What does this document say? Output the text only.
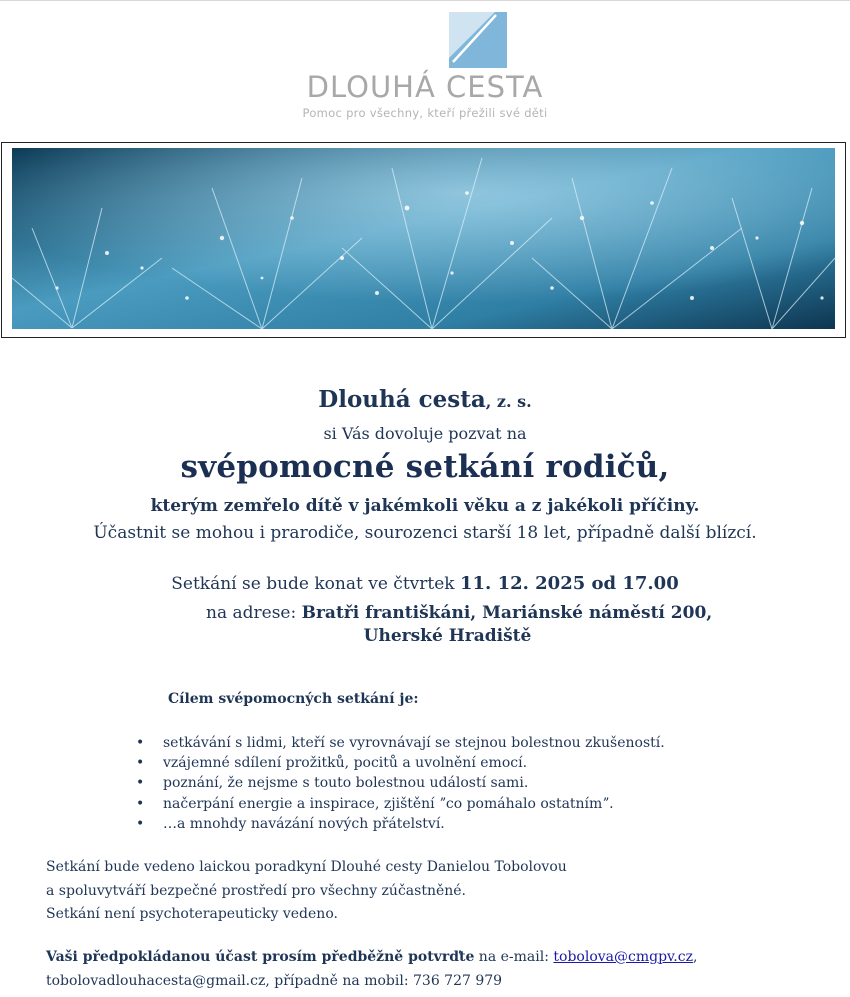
DLOUHÁ CESTA
Pomoc pro všechny, kteří přežili své děti
Dlouhá cesta, z. s.
si Vás dovoluje pozvat na
svépomocné setkání rodičů,
kterým zemřelo dítě v jakémkoli věku a z jakékoli příčiny.
Účastnit se mohou i prarodiče, sourozenci starší 18 let, případně další blízcí.
Setkání se bude konat ve čtvrtek 11. 12. 2025 od 17.00
na adrese: Bratři františkáni, Mariánské náměstí 200,
Uherské Hradiště
Cílem svépomocných setkání je:
• setkávání s lidmi, kteří se vyrovnávají se stejnou bolestnou zkušeností.
• vzájemné sdílení prožitků, pocitů a uvolnění emocí.
• poznání, že nejsme s touto bolestnou událostí sami.
• načerpání energie a inspirace, zjištění ˮco pomáhalo ostatnímˮ.
• …a mnohdy navázání nových přátelství.
Setkání bude vedeno laickou poradkyní Dlouhé cesty Danielou Tobolovou
a spoluvytváří bezpečné prostředí pro všechny zúčastněné.
Setkání není psychoterapeuticky vedeno.
Vaši předpokládanou účast prosím předběžně potvrďte na e-mail: tobolova@cmgpv.cz,
tobolovadlouhacesta@gmail.cz, případně na mobil: 736 727 979
